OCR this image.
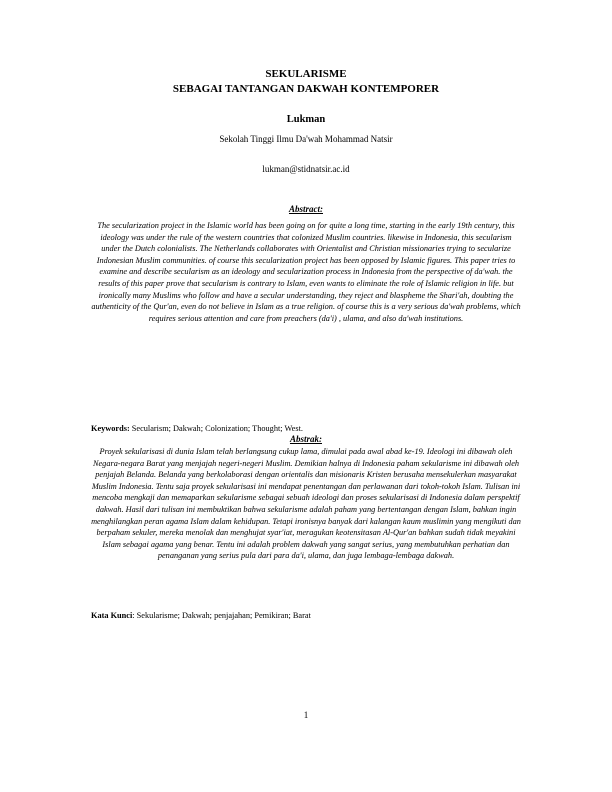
SEKULARISME
SEBAGAI TANTANGAN DAKWAH KONTEMPORER

Lukman

Sekolah Tinggi Ilmu Da'wah Mohammad Natsir

lukman@stidnatsir.ac.id

Abstract:

The secularization project in the Islamic world has been going on for quite a long time, starting in the early 19th century, this ideology was under the rule of the western countries that colonized Muslim countries. likewise in Indonesia, this secularism under the Dutch colonialists. The Netherlands collaborates with Orientalist and Christian missionaries trying to secularize Indonesian Muslim communities. of course this secularization project has been opposed by Islamic figures. This paper tries to examine and describe secularism as an ideology and secularization process in Indonesia from the perspective of da'wah. the results of this paper prove that secularism is contrary to Islam, even wants to eliminate the role of Islamic religion in life. but ironically many Muslims who follow and have a secular understanding, they reject and blaspheme the Shari'ah, doubting the authenticity of the Qur'an, even do not believe in Islam as a true religion. of course this is a very serious da'wah problems, which requires serious attention and care from preachers (da'i) , ulama, and also da'wah institutions.

Keywords: Secularism; Dakwah; Colonization; Thought; West.

Abstrak:

Proyek sekularisasi di dunia Islam telah berlangsung cukup lama, dimulai pada awal abad ke-19. Ideologi ini dibawah oleh Negara-negara Barat yang menjajah negeri-negeri Muslim. Demikian halnya di Indonesia paham sekularisme ini dibawah oleh penjajah Belanda. Belanda yang berkolaborasi dengan orientalis dan misionaris Kristen berusaha mensekulerkan masyarakat Muslim Indonesia. Tentu saja proyek sekularisasi ini mendapat penentangan dan perlawanan dari tokoh-tokoh Islam. Tulisan ini mencoba mengkaji dan memaparkan sekularisme sebagai sebuah ideologi dan proses sekularisasi di Indonesia dalam perspektif dakwah. Hasil dari tulisan ini membuktikan bahwa sekularisme adalah paham yang bertentangan dengan Islam, bahkan ingin menghilangkan peran agama Islam dalam kehidupan. Tetapi ironisnya banyak dari kalangan kaum muslimin yang mengikuti dan berpaham sekuler, mereka menolak dan menghujat syar'iat, meragukan keotensitasan Al-Qur'an bahkan sudah tidak meyakini Islam sebagai agama yang benar. Tentu ini adalah problem dakwah yang sangat serius, yang membutuhkan perhatian dan penanganan yang serius pula dari para da'i, ulama, dan juga lembaga-lembaga dakwah.

Kata Kunci: Sekularisme; Dakwah; penjajahan; Pemikiran; Barat

1
